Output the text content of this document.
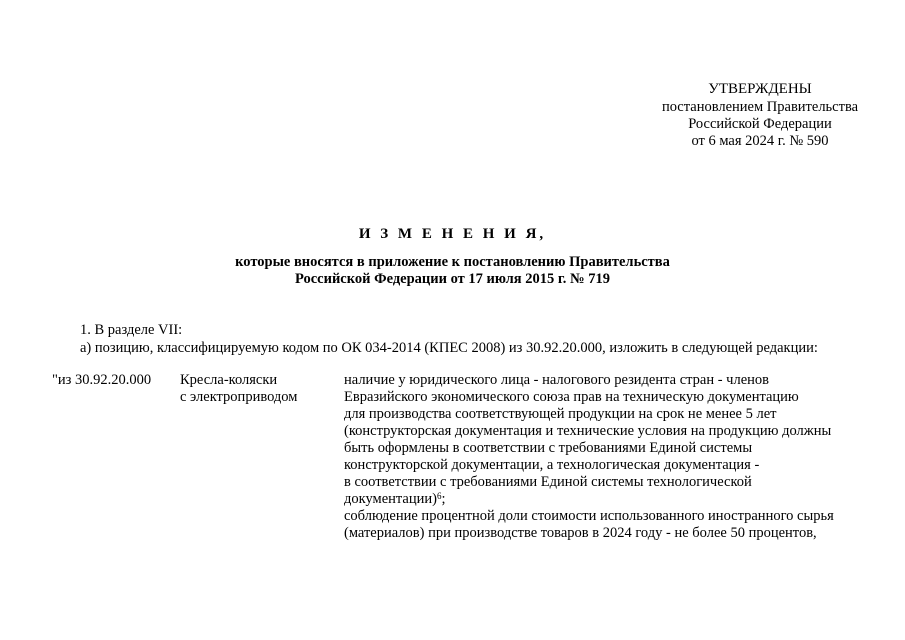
УТВЕРЖДЕНЫ
постановлением Правительства
Российской Федерации
от 6 мая 2024 г. № 590
И З М Е Н Е Н И Я,
которые вносятся в приложение к постановлению Правительства
Российской Федерации от 17 июля 2015 г. № 719
1. В разделе VII:
а) позицию, классифицируемую кодом по ОК 034-2014 (КПЕС 2008) из 30.92.20.000, изложить в следующей редакции:
"из 30.92.20.000 Кресла-коляски
с электроприводом
наличие у юридического лица - налогового резидента стран - членов
Евразийского экономического союза прав на техническую документацию
для производства соответствующей продукции на срок не менее 5 лет
(конструкторская документация и технические условия на продукцию должны
быть оформлены в соответствии с требованиями Единой системы
конструкторской документации, а технологическая документация -
в соответствии с требованиями Единой системы технологической
документации)$^6$;
соблюдение процентной доли стоимости использованного иностранного сырья
(материалов) при производстве товаров в 2024 году - не более 50 процентов,
